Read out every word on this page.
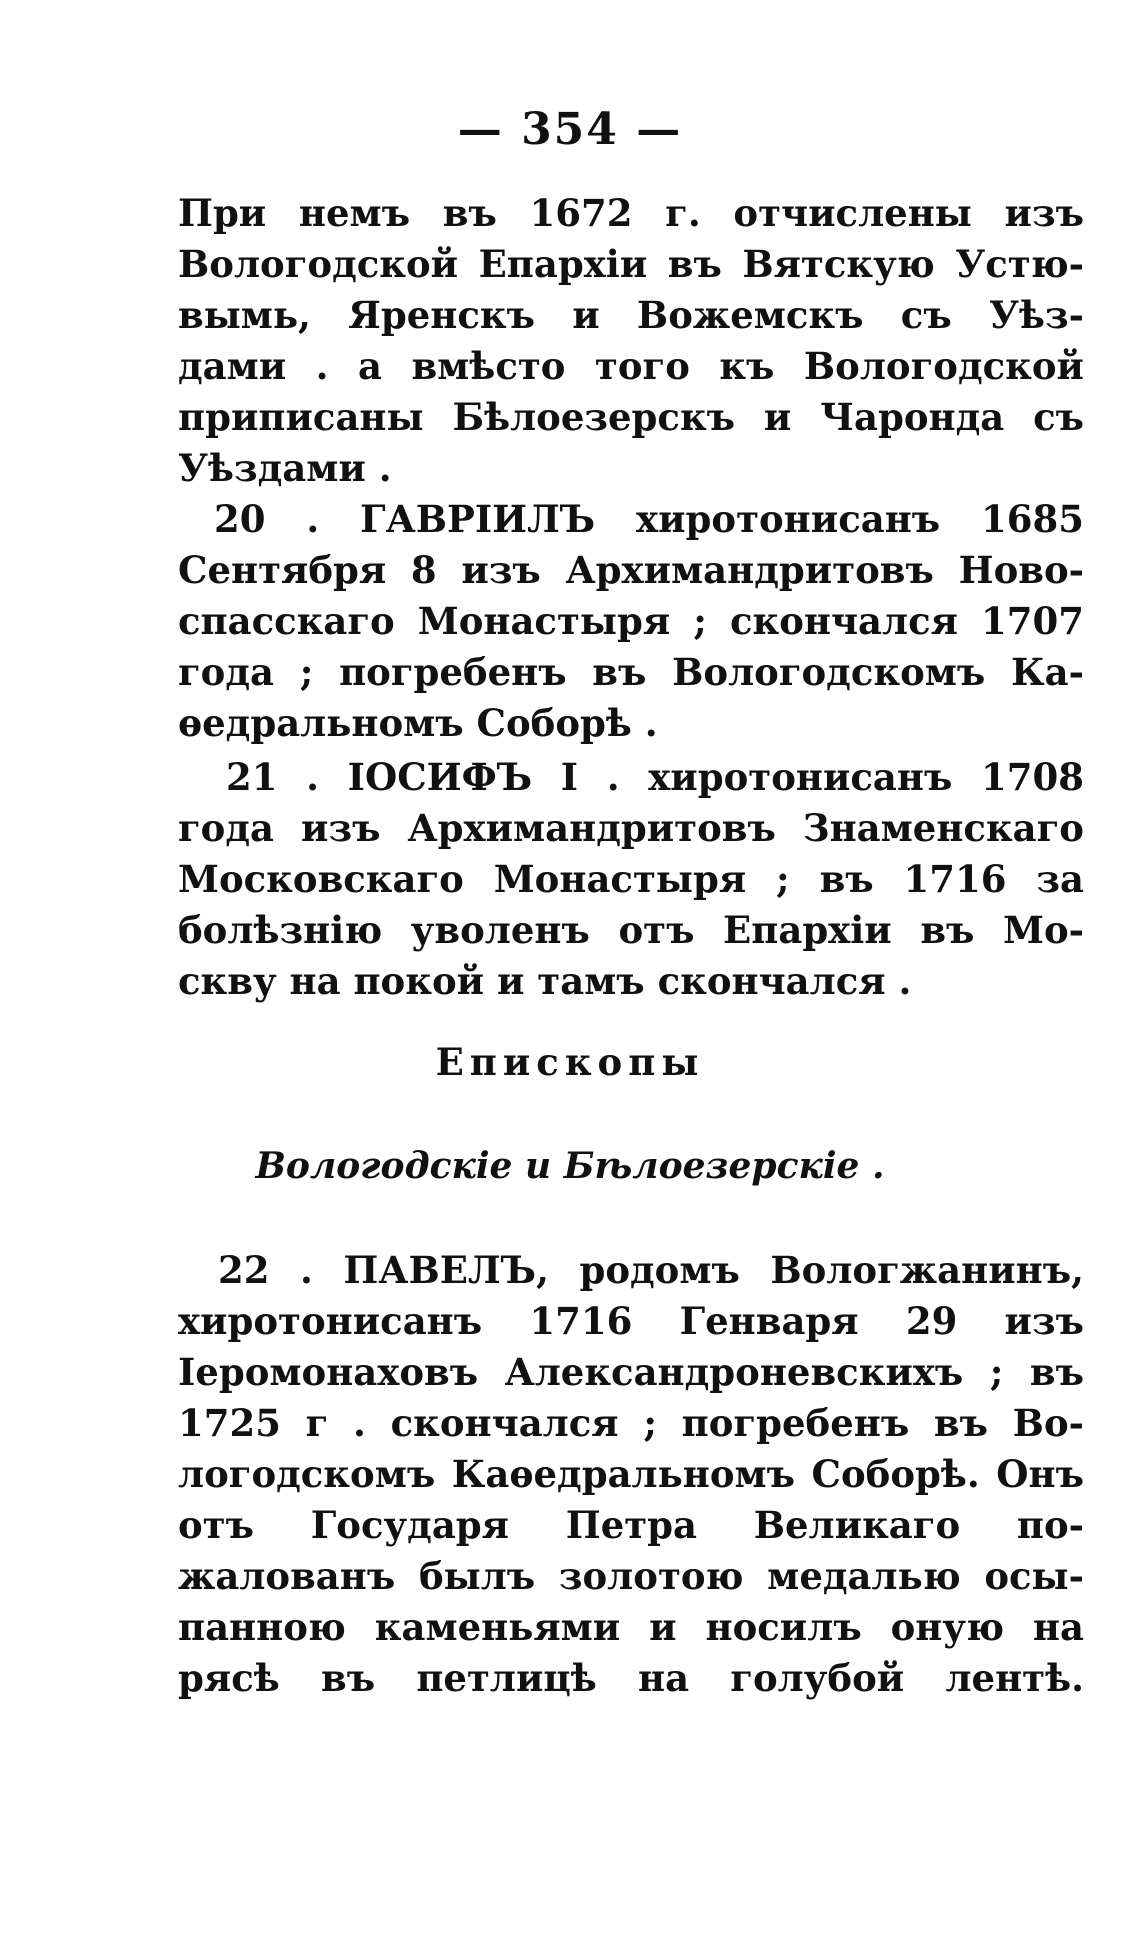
— 354 —
При немъ въ 1672 г. отчислены изъ
Вологодской Епархіи въ Вятскую Устю-
вымь, Яренскъ и Вожемскъ съ Уѣз-
дами . а вмѣсто того къ Вологодской
приписаны Бѣлоезерскъ и Чаронда съ
Уѣздами .
20 . ГАВРІИЛЪ хиротонисанъ 1685
Сентября 8 изъ Архимандритовъ Ново-
спасскаго Монастыря ; скончался 1707
года ; погребенъ въ Вологодскомъ Ка-
ѳедральномъ Соборѣ .
21 . ІОСИФЪ І . хиротонисанъ 1708
года изъ Архимандритовъ Знаменскаго
Московскаго Монастыря ; въ 1716 за
болѣзнію уволенъ отъ Епархіи въ Мо-
скву на покой и тамъ скончался .
Епископы
Вологодскіе и Бѣлоезерскіе .
22 . ПАВЕЛЪ, родомъ Вологжанинъ,
хиротонисанъ 1716 Генваря 29 изъ
Іеромонаховъ Александроневскихъ ; въ
1725 г . скончался ; погребенъ въ Во-
логодскомъ Каѳедральномъ Соборѣ. Онъ
отъ Государя Петра Великаго по-
жалованъ былъ золотою медалью осы-
панною каменьями и носилъ оную на
рясѣ въ петлицѣ на голубой лентѣ.
